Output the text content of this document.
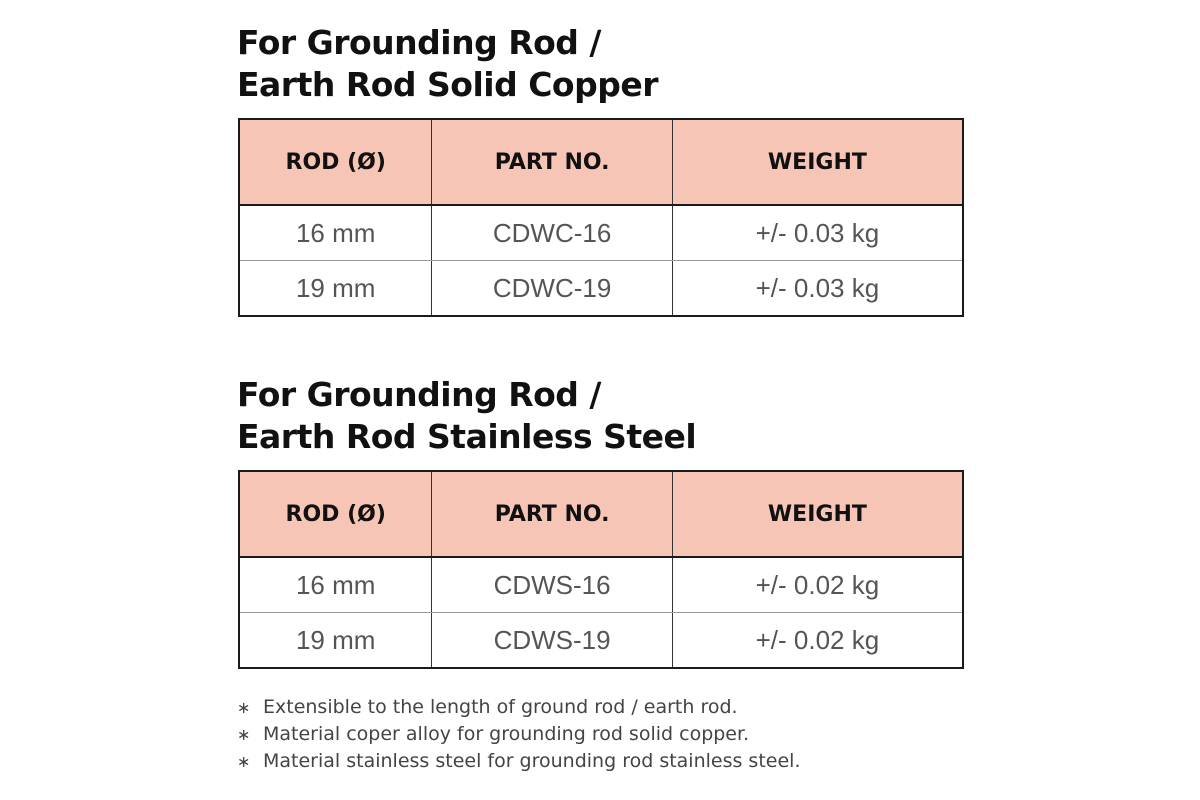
For Grounding Rod /
Earth Rod Solid Copper
ROD (Ø)	PART NO.	WEIGHT
16 mm	CDWC-16	+/- 0.03 kg
19 mm	CDWC-19	+/- 0.03 kg
For Grounding Rod /
Earth Rod Stainless Steel
ROD (Ø)	PART NO.	WEIGHT
16 mm	CDWS-16	+/- 0.02 kg
19 mm	CDWS-19	+/- 0.02 kg
∗ Extensible to the length of ground rod / earth rod.
∗ Material coper alloy for grounding rod solid copper.
∗ Material stainless steel for grounding rod stainless steel.
